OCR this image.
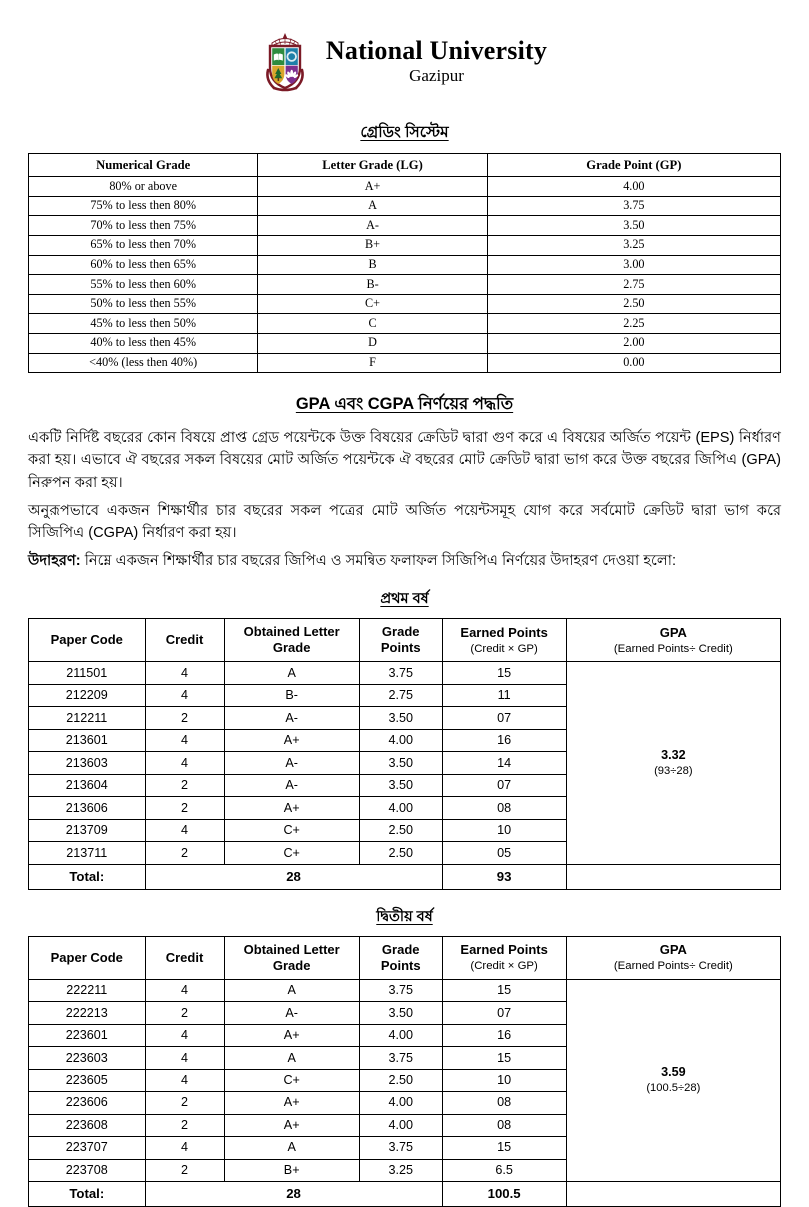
National University
Gazipur
গ্রেডিং সিস্টেম
Numerical Grade	Letter Grade (LG)	Grade Point (GP)
80% or above	A+	4.00
75% to less then 80%	A	3.75
70% to less then 75%	A-	3.50
65% to less then 70%	B+	3.25
60% to less then 65%	B	3.00
55% to less then 60%	B-	2.75
50% to less then 55%	C+	2.50
45% to less then 50%	C	2.25
40% to less then 45%	D	2.00
<40% (less then 40%)	F	0.00
GPA এবং CGPA নির্ণয়ের পদ্ধতি

একটি নির্দিষ্ট বছরের কোন বিষয়ে প্রাপ্ত গ্রেড পয়েন্টকে উক্ত বিষয়ের ক্রেডিট দ্বারা গুণ করে এ বিষয়ের অর্জিত পয়েন্ট (EPS) নির্ধারণ করা হয়। এভাবে ঐ বছরের সকল বিষয়ের মোট অর্জিত পয়েন্টকে ঐ বছরের মোট ক্রেডিট দ্বারা ভাগ করে উক্ত বছরের জিপিএ (GPA) নিরুপন করা হয়।

অনুরূপভাবে একজন শিক্ষার্থীর চার বছরের সকল পত্রের মোট অর্জিত পয়েন্টসমূহ যোগ করে সর্বমোট ক্রেডিট দ্বারা ভাগ করে সিজিপিএ (CGPA) নির্ধারণ করা হয়।

উদাহরণ: নিম্নে একজন শিক্ষার্থীর চার বছরের জিপিএ ও সমন্বিত ফলাফল সিজিপিএ নির্ণয়ের উদাহরণ দেওয়া হলো:

প্রথম বর্ষ
Paper Code	Credit	Obtained Letter Grade	Grade Points	Earned Points
(Credit × GP)	GPA
(Earned Points÷ Credit)

211501	4	A	3.75	15	3.32
(93÷28)

212209	4	B-	2.75	11	
212211	2	A-	3.50	07	
213601	4	A+	4.00	16	
213603	4	A-	3.50	14	
213604	2	A-	3.50	07	
213606	2	A+	4.00	08	
213709	4	C+	2.50	10	
213711	2	C+	2.50	05	
Total:	28			93	
দ্বিতীয় বর্ষ
Paper Code	Credit	Obtained Letter Grade	Grade Points	Earned Points
(Credit × GP)	GPA
(Earned Points÷ Credit)

222211	4	A	3.75	15	3.59
(100.5÷28)

222213	2	A-	3.50	07	
223601	4	A+	4.00	16	
223603	4	A	3.75	15	
223605	4	C+	2.50	10	
223606	2	A+	4.00	08	
223608	2	A+	4.00	08	
223707	4	A	3.75	15	
223708	2	B+	3.25	6.5	
Total:	28			100.5	
